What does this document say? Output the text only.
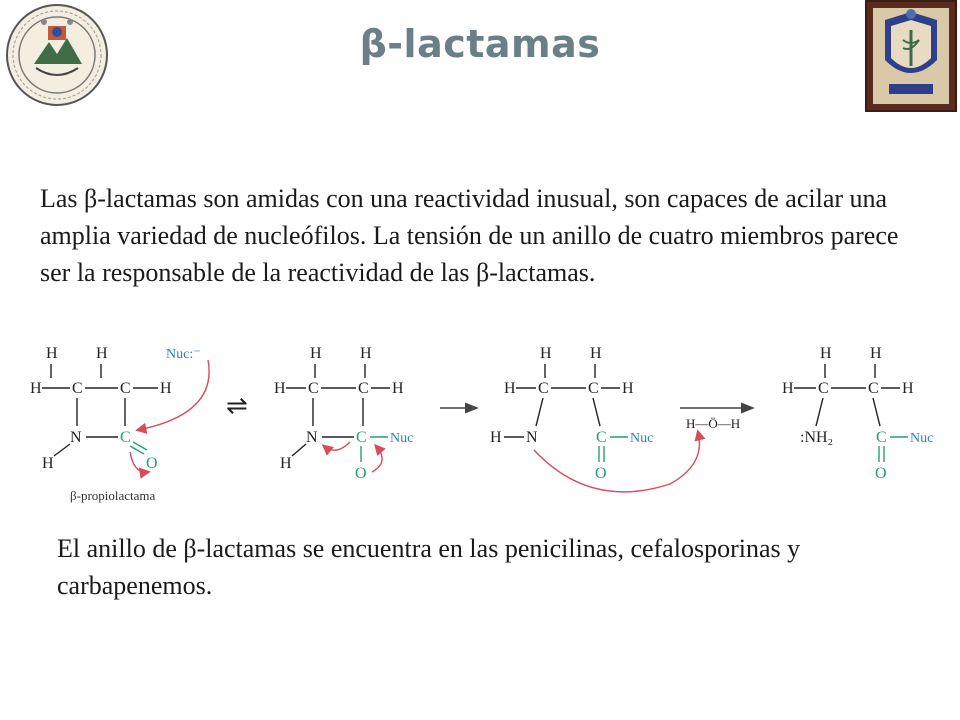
β-lactamas
Las β-lactamas son amidas con una reactividad inusual, son capaces de acilar una amplia variedad de nucleófilos. La tensión de un anillo de cuatro miembros parece ser la responsable de la reactividad de las β-lactamas.
H H
H C C H
N C
H	O
Nuc:⁻
β-propiolactama
⇌
H H
H C C H
N C Nuc
H
O
H H
H C C H
H N	C Nuc
O
H—Ö—H
H H
H C C H
:NH₂	C Nuc
O
El anillo de β-lactamas se encuentra en las penicilinas, cefalosporinas y carbapenemos.
